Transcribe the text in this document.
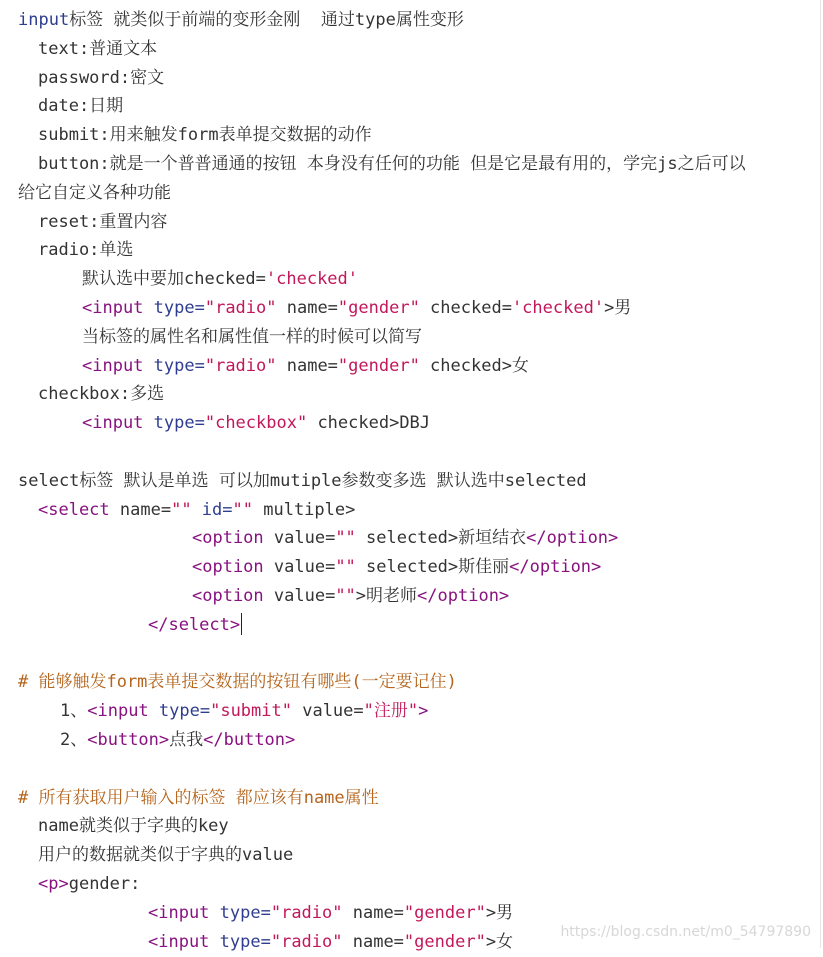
input标签 就类似于前端的变形金刚  通过type属性变形
text:普通文本
password:密文
date:日期
submit:用来触发form表单提交数据的动作
button:就是一个普普通通的按钮 本身没有任何的功能 但是它是最有用的，学完js之后可以
给它自定义各种功能
reset:重置内容
radio:单选
默认选中要加checked='checked'
<input type="radio" name="gender" checked='checked'>男
当标签的属性名和属性值一样的时候可以简写
<input type="radio" name="gender" checked>女
checkbox:多选
<input type="checkbox" checked>DBJ
select标签 默认是单选 可以加mutiple参数变多选 默认选中selected
<select name="" id="" multiple>
<option value="" selected>新垣结衣</option>
<option value="" selected>斯佳丽</option>
<option value="">明老师</option>
</select>
# 能够触发form表单提交数据的按钮有哪些(一定要记住)
1、<input type="submit" value="注册">
2、<button>点我</button>
# 所有获取用户输入的标签 都应该有name属性
name就类似于字典的key
用户的数据就类似于字典的value
<p>gender:
<input type="radio" name="gender">男
<input type="radio" name="gender">女	https://blog.csdn.net/m0_54797890
